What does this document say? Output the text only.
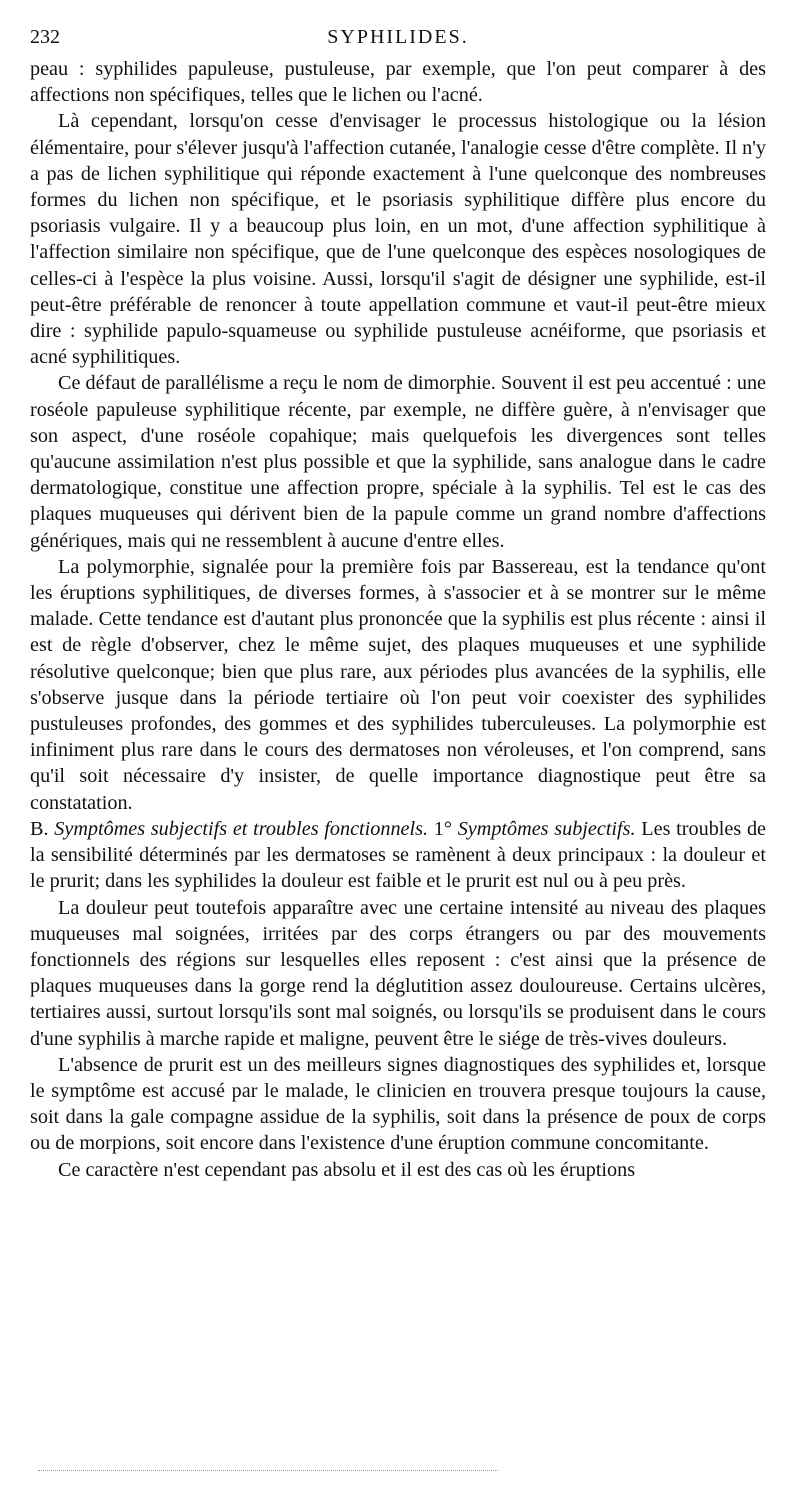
232	SYPHILIDES.

peau : syphilides papuleuse, pustuleuse, par exemple, que l'on peut comparer à des affections non spécifiques, telles que le lichen ou l'acné.

Là cependant, lorsqu'on cesse d'envisager le processus histologique ou la lésion élémentaire, pour s'élever jusqu'à l'affection cutanée, l'analogie cesse d'être complète. Il n'y a pas de lichen syphilitique qui réponde exactement à l'une quelconque des nombreuses formes du lichen non spécifique, et le psoriasis syphilitique diffère plus encore du psoriasis vulgaire. Il y a beaucoup plus loin, en un mot, d'une affection syphilitique à l'affection similaire non spécifique, que de l'une quelconque des espèces nosologiques de celles-ci à l'espèce la plus voisine. Aussi, lorsqu'il s'agit de désigner une syphilide, est-il peut-être préférable de renoncer à toute appellation commune et vaut-il peut-être mieux dire : syphilide papulo-squameuse ou syphilide pustuleuse acnéiforme, que psoriasis et acné syphilitiques.

Ce défaut de parallélisme a reçu le nom de dimorphie. Souvent il est peu accentué : une roséole papuleuse syphilitique récente, par exemple, ne diffère guère, à n'envisager que son aspect, d'une roséole copahique; mais quelquefois les divergences sont telles qu'aucune assimilation n'est plus possible et que la syphilide, sans analogue dans le cadre dermatologique, constitue une affection propre, spéciale à la syphilis. Tel est le cas des plaques muqueuses qui dérivent bien de la papule comme un grand nombre d'affections génériques, mais qui ne ressemblent à aucune d'entre elles.

La polymorphie, signalée pour la première fois par Bassereau, est la tendance qu'ont les éruptions syphilitiques, de diverses formes, à s'associer et à se montrer sur le même malade. Cette tendance est d'autant plus prononcée que la syphilis est plus récente : ainsi il est de règle d'observer, chez le même sujet, des plaques muqueuses et une syphilide résolutive quelconque; bien que plus rare, aux périodes plus avancées de la syphilis, elle s'observe jusque dans la période tertiaire où l'on peut voir coexister des syphilides pustuleuses profondes, des gommes et des syphilides tuberculeuses. La polymorphie est infiniment plus rare dans le cours des dermatoses non véroleuses, et l'on comprend, sans qu'il soit nécessaire d'y insister, de quelle importance diagnostique peut être sa constatation.

B. Symptômes subjectifs et troubles fonctionnels. 1° Symptômes subjectifs. Les troubles de la sensibilité déterminés par les dermatoses se ramènent à deux principaux : la douleur et le prurit; dans les syphilides la douleur est faible et le prurit est nul ou à peu près.

La douleur peut toutefois apparaître avec une certaine intensité au niveau des plaques muqueuses mal soignées, irritées par des corps étrangers ou par des mouvements fonctionnels des régions sur lesquelles elles reposent : c'est ainsi que la présence de plaques muqueuses dans la gorge rend la déglutition assez douloureuse. Certains ulcères, tertiaires aussi, surtout lorsqu'ils sont mal soignés, ou lorsqu'ils se produisent dans le cours d'une syphilis à marche rapide et maligne, peuvent être le siége de très-vives douleurs.

L'absence de prurit est un des meilleurs signes diagnostiques des syphilides et, lorsque le symptôme est accusé par le malade, le clinicien en trouvera presque toujours la cause, soit dans la gale compagne assidue de la syphilis, soit dans la présence de poux de corps ou de morpions, soit encore dans l'existence d'une éruption commune concomitante.

Ce caractère n'est cependant pas absolu et il est des cas où les éruptions
